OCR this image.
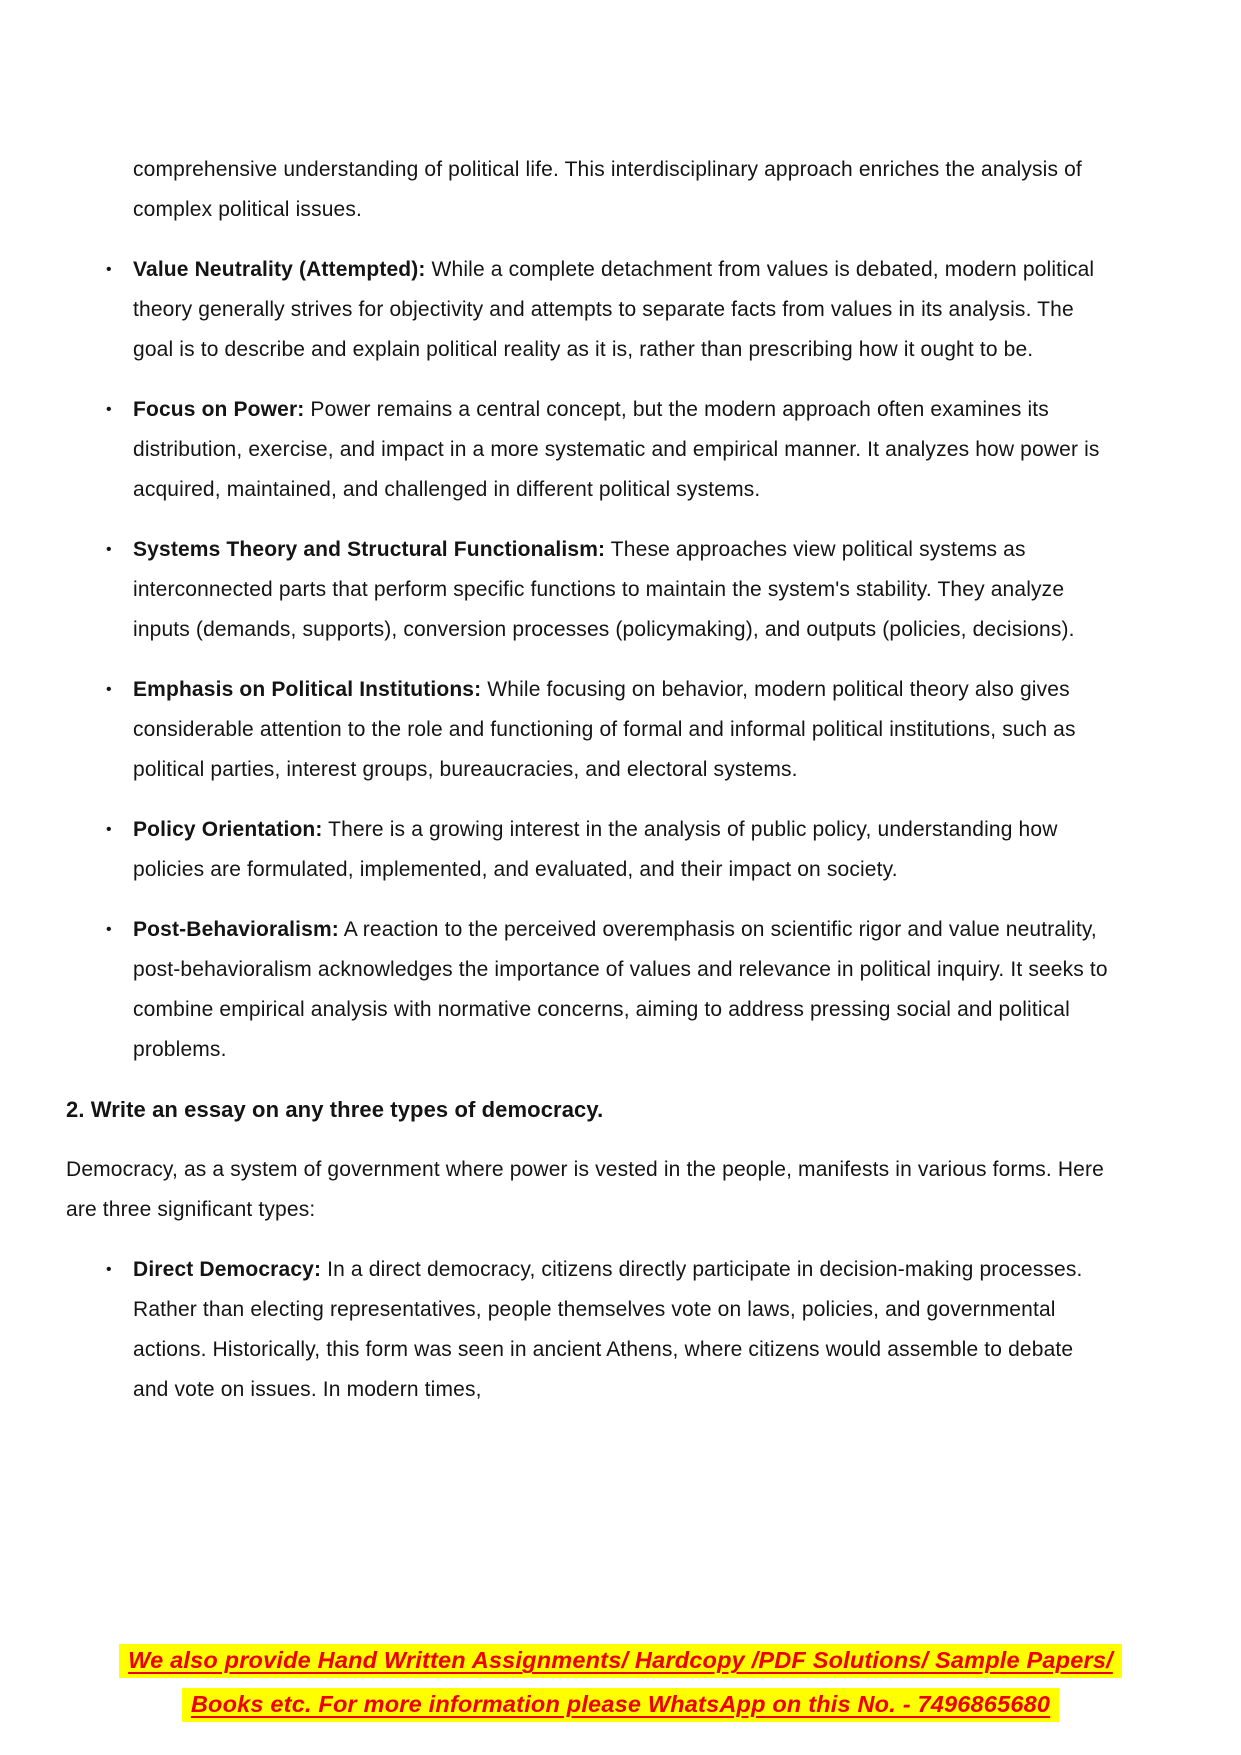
comprehensive understanding of political life. This interdisciplinary approach enriches the analysis of complex political issues.

• Value Neutrality (Attempted): While a complete detachment from values is debated, modern political theory generally strives for objectivity and attempts to separate facts from values in its analysis. The goal is to describe and explain political reality as it is, rather than prescribing how it ought to be.
• Focus on Power: Power remains a central concept, but the modern approach often examines its distribution, exercise, and impact in a more systematic and empirical manner. It analyzes how power is acquired, maintained, and challenged in different political systems.
• Systems Theory and Structural Functionalism: These approaches view political systems as interconnected parts that perform specific functions to maintain the system's stability. They analyze inputs (demands, supports), conversion processes (policymaking), and outputs (policies, decisions).
• Emphasis on Political Institutions: While focusing on behavior, modern political theory also gives considerable attention to the role and functioning of formal and informal political institutions, such as political parties, interest groups, bureaucracies, and electoral systems.
• Policy Orientation: There is a growing interest in the analysis of public policy, understanding how policies are formulated, implemented, and evaluated, and their impact on society.
• Post-Behavioralism: A reaction to the perceived overemphasis on scientific rigor and value neutrality, post-behavioralism acknowledges the importance of values and relevance in political inquiry. It seeks to combine empirical analysis with normative concerns, aiming to address pressing social and political problems.
2. Write an essay on any three types of democracy.

Democracy, as a system of government where power is vested in the people, manifests in various forms. Here are three significant types:

• Direct Democracy: In a direct democracy, citizens directly participate in decision-making processes. Rather than electing representatives, people themselves vote on laws, policies, and governmental actions. Historically, this form was seen in ancient Athens, where citizens would assemble to debate and vote on issues. In modern times,
We also provide Hand Written Assignments/ Hardcopy /PDF Solutions/ Sample Papers/
Books etc. For more information please WhatsApp on this No. - 7496865680
